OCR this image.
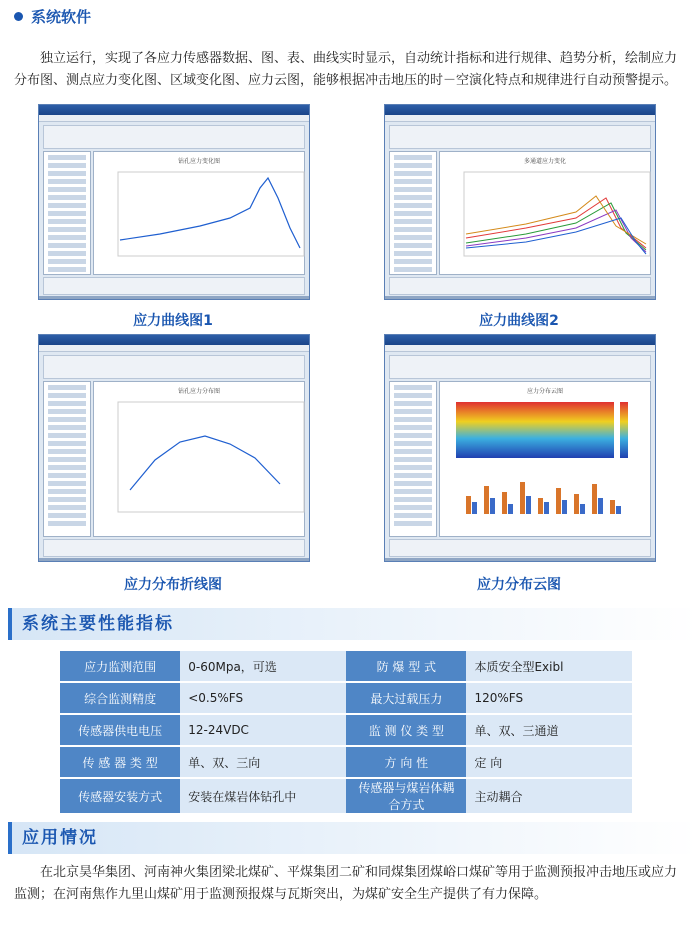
系统软件

独立运行，实现了各应力传感器数据、图、表、曲线实时显示，自动统计指标和进行规律、趋势分析，绘制应力分布图、测点应力变化图、区域变化图、应力云图，能够根据冲击地压的时－空演化特点和规律进行自动预警提示。

钻孔应力变化图
应力曲线图1
多通道应力变化
应力曲线图2
钻孔应力分布图
应力分布折线图
应力分布云图
应力分布云图
系统主要性能指标
应力监测范围	0-60Mpa，可选	防 爆 型 式	本质安全型Exibl
综合监测精度	<0.5%FS	最大过载压力	120%FS
传感器供电电压	12-24VDC	监 测 仪 类 型	单、双、三通道
传 感 器 类 型	单、双、三向	方 向 性	定 向
传感器安装方式	安装在煤岩体钻孔中	传感器与煤岩体耦合方式	主动耦合
应用情况

在北京昊华集团、河南神火集团梁北煤矿、平煤集团二矿和同煤集团煤峪口煤矿等用于监测预报冲击地压或应力监测；在河南焦作九里山煤矿用于监测预报煤与瓦斯突出，为煤矿安全生产提供了有力保障。
